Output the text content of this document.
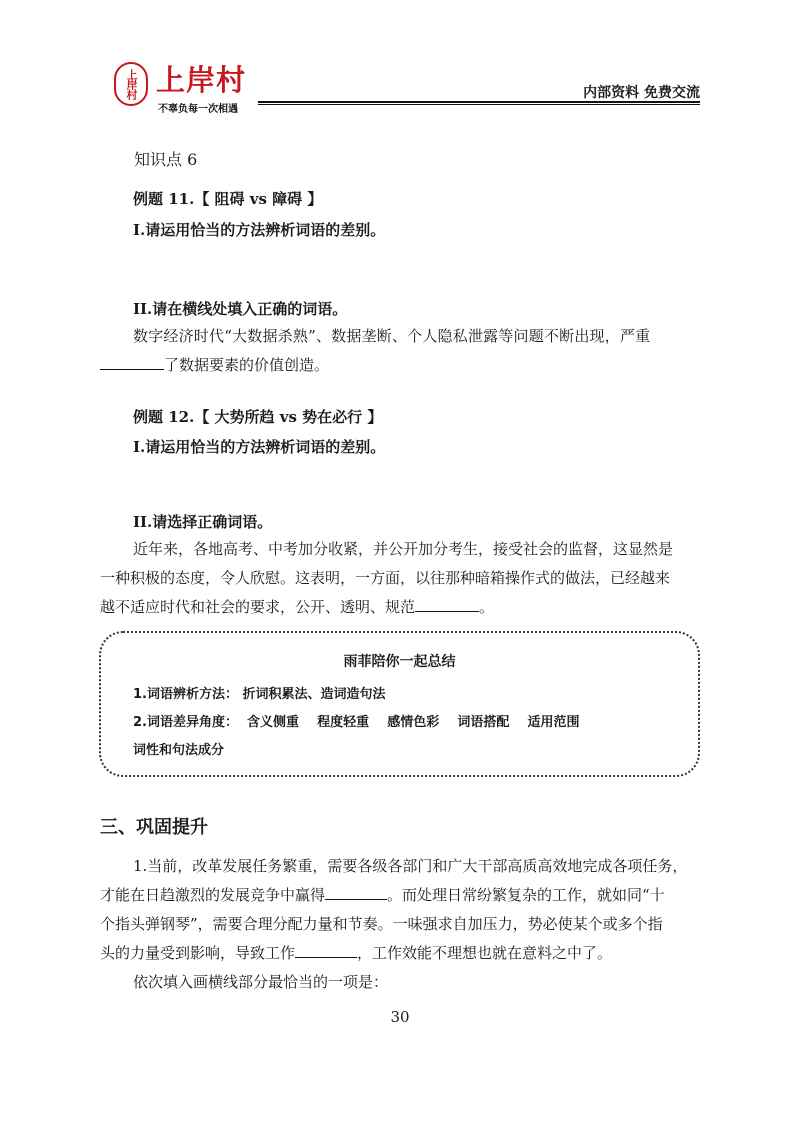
上岸村 上岸村
不辜负每一次相遇
内部资料 免费交流
知识点 6
例题 11.【 阻碍 vs 障碍 】
I.请运用恰当的方法辨析词语的差别。
II.请在横线处填入正确的词语。
数字经济时代“大数据杀熟”、数据垄断、个人隐私泄露等问题不断出现，严重
了数据要素的价值创造。
例题 12.【 大势所趋 vs 势在必行 】
I.请运用恰当的方法辨析词语的差别。
II.请选择正确词语。
近年来，各地高考、中考加分收紧，并公开加分考生，接受社会的监督，这显然是
一种积极的态度，令人欣慰。这表明，一方面，以往那种暗箱操作式的做法，已经越来
越不适应时代和社会的要求，公开、透明、规范	。
雨菲陪你一起总结
1.词语辨析方法： 折词积累法、造词造句法
2.词语差异角度：  含义侧重    程度轻重    感情色彩    词语搭配    适用范围
词性和句法成分
三、巩固提升
1.当前，改革发展任务繁重，需要各级各部门和广大干部高质高效地完成各项任务，
才能在日趋激烈的发展竞争中赢得	。而处理日常纷繁复杂的工作，就如同“十
个指头弹钢琴”，需要合理分配力量和节奏。一味强求自加压力，势必使某个或多个指
头的力量受到影响，导致工作	，工作效能不理想也就在意料之中了。
依次填入画横线部分最恰当的一项是：
30
